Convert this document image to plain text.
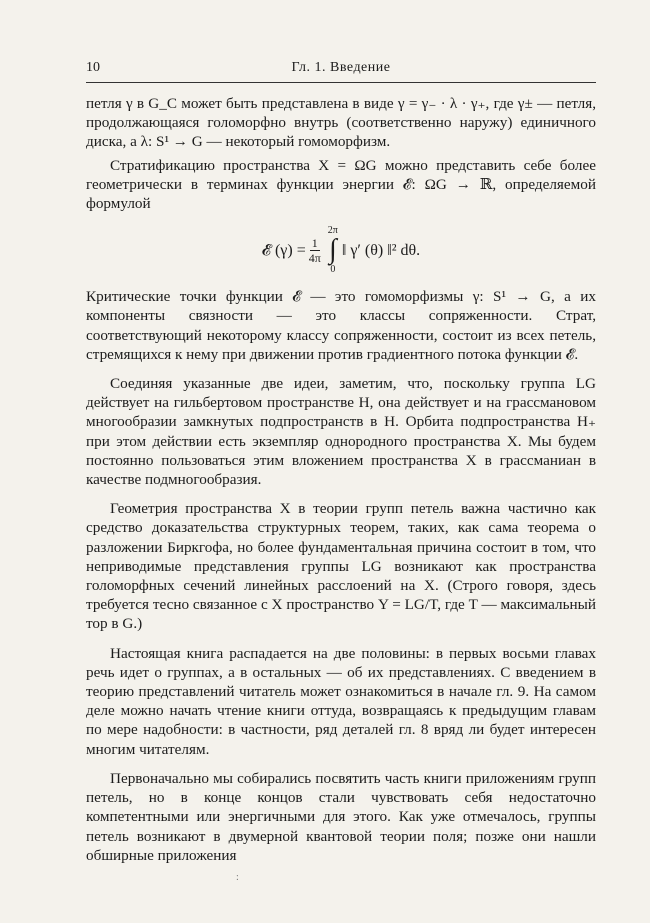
10	Гл. 1. Введение

петля γ в G_C может быть представлена в виде γ = γ₋ · λ · γ₊, где γ± — петля, продолжающаяся голоморфно внутрь (соответственно наружу) единичного диска, а λ: S¹ → G — некоторый гомоморфизм.

Стратификацию пространства X = ΩG можно представить себе более геометрически в терминах функции энергии 𝓔: ΩG → ℝ, определяемой формулой

𝓔 $(\gamma) = \frac{1}{4\pi}$
2π
∫
0
‖ γ′ (θ) ‖² dθ.

Критические точки функции 𝓔 — это гомоморфизмы γ: S¹ → G, а их компоненты связности — это классы сопряженности. Страт, соответствующий некоторому классу сопряженности, состоит из всех петель, стремящихся к нему при движении против градиентного потока функции 𝓔.

Соединяя указанные две идеи, заметим, что, поскольку группа LG действует на гильбертовом пространстве H, она действует и на грассмановом многообразии замкнутых подпространств в H. Орбита подпространства H₊ при этом действии есть экземпляр однородного пространства X. Мы будем постоянно пользоваться этим вложением пространства X в грассманиан в качестве подмногообразия.

Геометрия пространства X в теории групп петель важна частично как средство доказательства структурных теорем, таких, как сама теорема о разложении Биркгофа, но более фундаментальная причина состоит в том, что неприводимые представления группы LG возникают как пространства голоморфных сечений линейных расслоений на X. (Строго говоря, здесь требуется тесно связанное с X пространство Y = LG/T, где T — максимальный тор в G.)

Настоящая книга распадается на две половины: в первых восьми главах речь идет о группах, а в остальных — об их представлениях. С введением в теорию представлений читатель может ознакомиться в начале гл. 9. На самом деле можно начать чтение книги оттуда, возвращаясь к предыдущим главам по мере надобности: в частности, ряд деталей гл. 8 вряд ли будет интересен многим читателям.

Первоначально мы собирались посвятить часть книги приложениям групп петель, но в конце концов стали чувствовать себя недостаточно компетентными или энергичными для этого. Как уже отмечалось, группы петель возникают в двумерной квантовой теории поля; позже они нашли обширные приложения

:
